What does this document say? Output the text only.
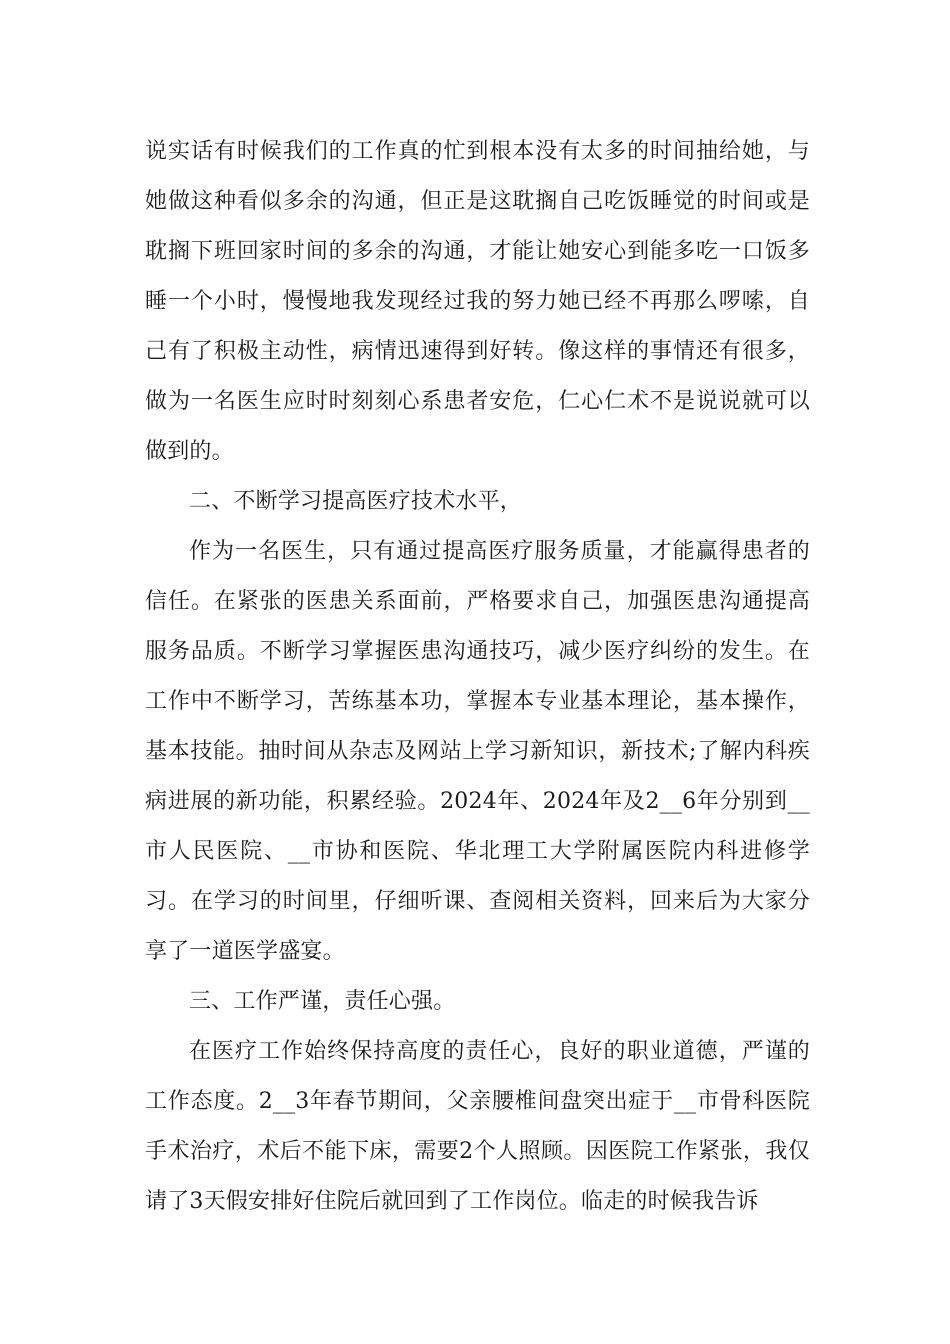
说实话有时候我们的工作真的忙到根本没有太多的时间抽给她，与她做这种看似多余的沟通，但正是这耽搁自己吃饭睡觉的时间或是耽搁下班回家时间的多余的沟通，才能让她安心到能多吃一口饭多睡一个小时，慢慢地我发现经过我的努力她已经不再那么啰嗦，自己有了积极主动性，病情迅速得到好转。像这样的事情还有很多，做为一名医生应时时刻刻心系患者安危，仁心仁术不是说说就可以做到的。

二、不断学习提高医疗技术水平，

作为一名医生，只有通过提高医疗服务质量，才能赢得患者的信任。在紧张的医患关系面前，严格要求自己，加强医患沟通提高服务品质。不断学习掌握医患沟通技巧，减少医疗纠纷的发生。在工作中不断学习，苦练基本功，掌握本专业基本理论，基本操作，基本技能。抽时间从杂志及网站上学习新知识，新技术;了解内科疾病进展的新功能，积累经验。2024年、2024年及2__6年分别到__市人民医院、__市协和医院、华北理工大学附属医院内科进修学习。在学习的时间里，仔细听课、查阅相关资料，回来后为大家分享了一道医学盛宴。

三、工作严谨，责任心强。

在医疗工作始终保持高度的责任心，良好的职业道德，严谨的工作态度。2__3年春节期间，父亲腰椎间盘突出症于__市骨科医院手术治疗，术后不能下床，需要2个人照顾。因医院工作紧张，我仅请了3天假安排好住院后就回到了工作岗位。临走的时候我告诉
